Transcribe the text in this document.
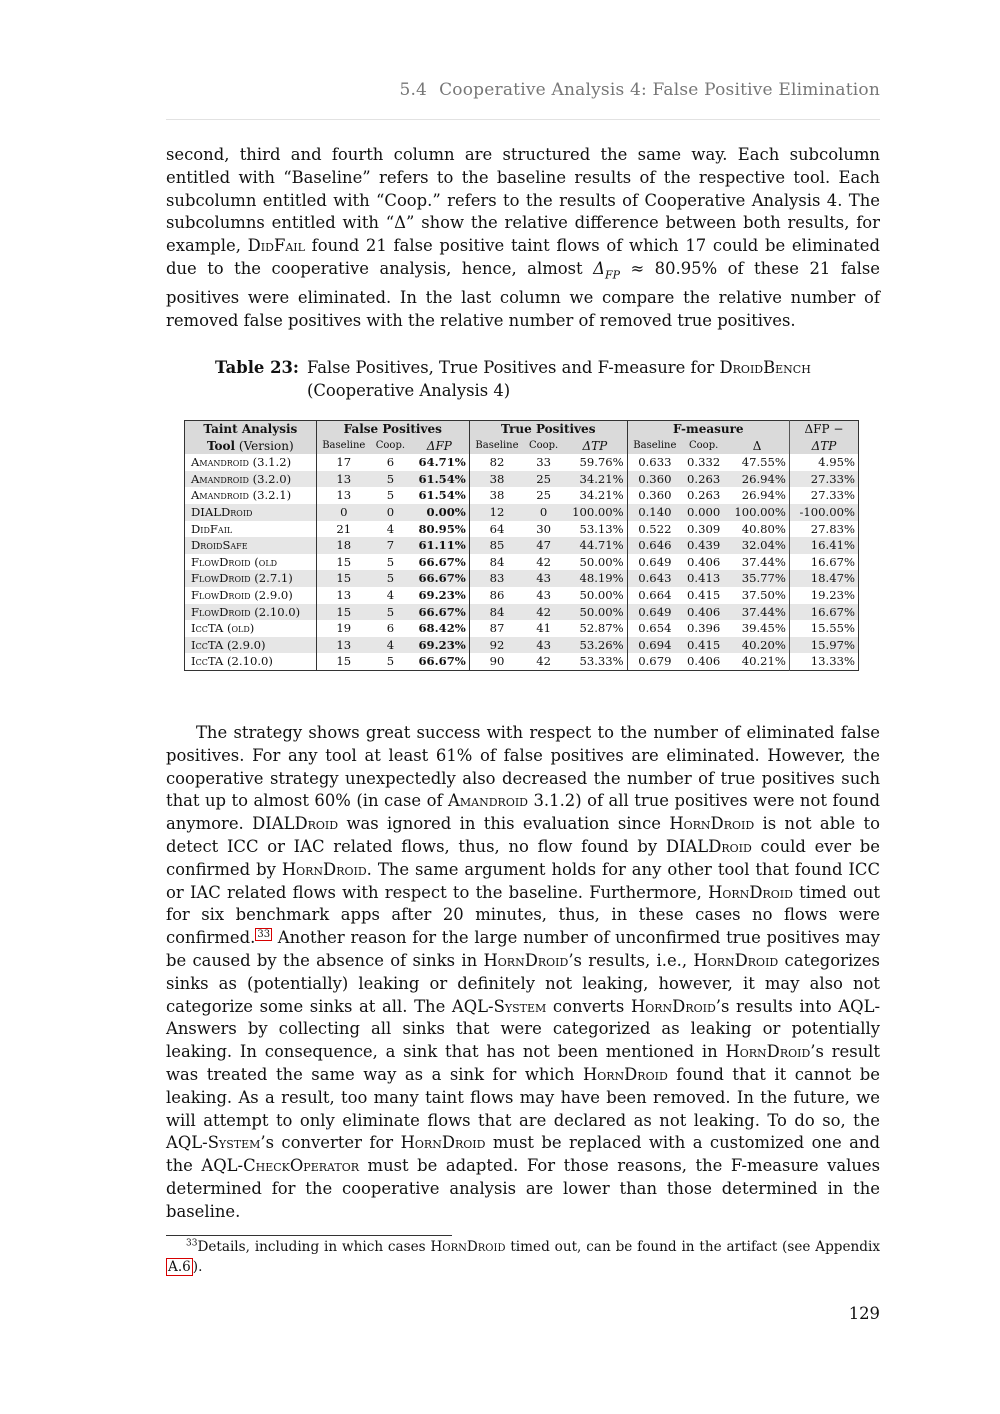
5.4 Cooperative Analysis 4: False Positive Elimination

second, third and fourth column are structured the same way. Each subcolumn entitled with “Baseline” refers to the baseline results of the respective tool. Each subcolumn entitled with “Coop.” refers to the results of Cooperative Analysis 4. The subcolumns entitled with “Δ” show the relative difference between both results, for example, DidFail found 21 false positive taint flows of which 17 could be eliminated due to the cooperative analysis, hence, almost $\Delta_{FP} \approx 80.95\%$ of these 21 false positives were eliminated. In the last column we compare the relative number of removed false positives with the relative number of removed true positives.

Table 23: False Positives, True Positives and F-measure for DroidBench
(Cooperative Analysis 4)
Taint Analysis	False Positives			True Positives			F-measure			ΔFP −
Tool (Version)	Baseline	Coop.	ΔFP	Baseline	Coop.	ΔTP	Baseline	Coop.	Δ	ΔTP
Amandroid (3.1.2)	17	6	64.71%	82	33	59.76%	0.633	0.332	47.55%	4.95%
Amandroid (3.2.0)	13	5	61.54%	38	25	34.21%	0.360	0.263	26.94%	27.33%
Amandroid (3.2.1)	13	5	61.54%	38	25	34.21%	0.360	0.263	26.94%	27.33%
DIALDroid	0	0	0.00%	12	0	100.00%	0.140	0.000	100.00%	-100.00%
DidFail	21	4	80.95%	64	30	53.13%	0.522	0.309	40.80%	27.83%
DroidSafe	18	7	61.11%	85	47	44.71%	0.646	0.439	32.04%	16.41%
FlowDroid (old	15	5	66.67%	84	42	50.00%	0.649	0.406	37.44%	16.67%
FlowDroid (2.7.1)	15	5	66.67%	83	43	48.19%	0.643	0.413	35.77%	18.47%
FlowDroid (2.9.0)	13	4	69.23%	86	43	50.00%	0.664	0.415	37.50%	19.23%
FlowDroid (2.10.0)	15	5	66.67%	84	42	50.00%	0.649	0.406	37.44%	16.67%
IccTA (old)	19	6	68.42%	87	41	52.87%	0.654	0.396	39.45%	15.55%
IccTA (2.9.0)	13	4	69.23%	92	43	53.26%	0.694	0.415	40.20%	15.97%
IccTA (2.10.0)	15	5	66.67%	90	42	53.33%	0.679	0.406	40.21%	13.33%

The strategy shows great success with respect to the number of eliminated false positives. For any tool at least 61% of false positives are eliminated. However, the cooperative strategy unexpectedly also decreased the number of true positives such that up to almost 60% (in case of Amandroid 3.1.2) of all true positives were not found anymore. DIALDroid was ignored in this evaluation since HornDroid is not able to detect ICC or IAC related flows, thus, no flow found by DIALDroid could ever be confirmed by HornDroid. The same argument holds for any other tool that found ICC or IAC related flows with respect to the baseline. Furthermore, HornDroid timed out for six benchmark apps after 20 minutes, thus, in these cases no flows were confirmed. $^{33}$ Another reason for the large number of unconfirmed true positives may be caused by the absence of sinks in HornDroid’s results, i.e., HornDroid categorizes sinks as (potentially) leaking or definitely not leaking, however, it may also not categorize some sinks at all. The AQL-System converts HornDroid’s results into AQL-Answers by collecting all sinks that were categorized as leaking or potentially leaking. In consequence, a sink that has not been mentioned in HornDroid’s result was treated the same way as a sink for which HornDroid found that it cannot be leaking. As a result, too many taint flows may have been removed. In the future, we will attempt to only eliminate flows that are declared as not leaking. To do so, the AQL-System’s converter for HornDroid must be replaced with a customized one and the AQL-CheckOperator must be adapted. For those reasons, the F-measure values determined for the cooperative analysis are lower than those determined in the baseline.

$^{33}$Details, including in which cases HornDroid timed out, can be found in the artifact (see Appendix A.6 ).

129
